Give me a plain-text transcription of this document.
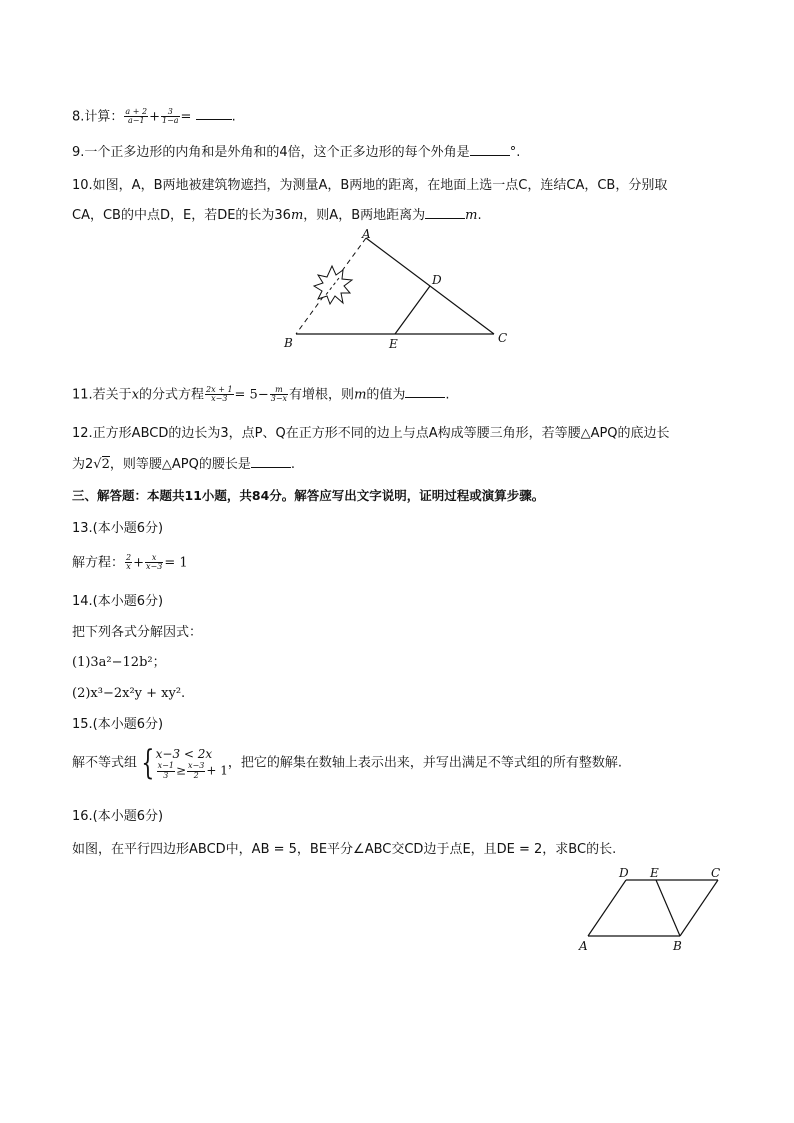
8.计算： $\frac{a + 2}{a-1} + \frac{3}{1-a}$ =	.
9.一个正多边形的内角和是外角和的4倍，这个正多边形的每个外角是	°.
10.如图，A，B两地被建筑物遮挡，为测量A，B两地的距离，在地面上选一点C，连结CA，CB，分别取
CA，CB的中点D，E，若DE的长为36m，则A，B两地距离为	m.
A
B	C
D
E
11.若关于x的分式方程 $\frac{2x + 1}{x-3} = 5- \frac{m}{3-x}$ 有增根，则m的值为	.
12.正方形ABCD的边长为3，点P、Q在正方形不同的边上与点A构成等腰三角形，若等腰△APQ的底边长
为2√2，则等腰△APQ的腰长是	.
三、解答题：本题共11小题，共84分。解答应写出文字说明，证明过程或演算步骤。
13.(本小题6分)
解方程： $\frac{2}{x} + \frac{x}{x-3} = 1$
14.(本小题6分)
把下列各式分解因式：
(1)3a²−12b²；
(2)x³−2x²y + xy².
15.(本小题6分)
解不等式组 { x−3 < 2x
$\frac{x-1}{3} \ge \frac{x-3}{2} + 1$
，把它的解集在数轴上表示出来，并写出满足不等式组的所有整数解.
16.(本小题6分)
如图，在平行四边形ABCD中，AB = 5，BE平分∠ABC交CD边于点E，且DE = 2，求BC的长.
D E	C
A	B
